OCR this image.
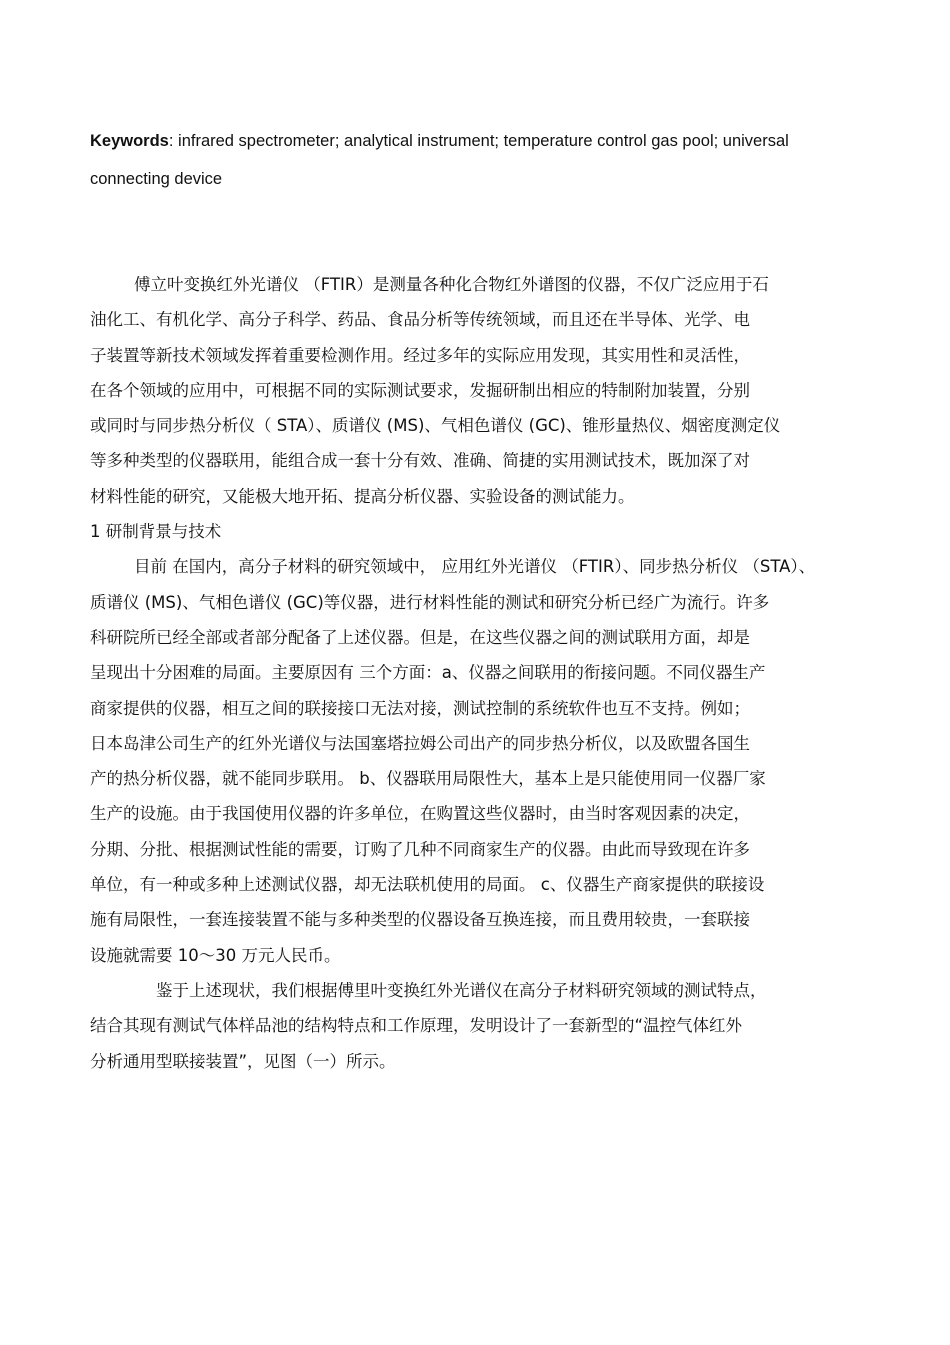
Keywords: infrared spectrometer; analytical instrument; temperature control gas pool; universal connecting device

傅立叶变换红外光谱仪 （FTIR）是测量各种化合物红外谱图的仪器，不仅广泛应用于石
油化工、有机化学、高分子科学、药品、食品分析等传统领域，而且还在半导体、光学、电
子装置等新技术领域发挥着重要检测作用。经过多年的实际应用发现，其实用性和灵活性，
在各个领域的应用中，可根据不同的实际测试要求，发掘研制出相应的特制附加装置，分别
或同时与同步热分析仪（ STA）、质谱仪 (MS)、气相色谱仪 (GC)、锥形量热仪、烟密度测定仪
等多种类型的仪器联用，能组合成一套十分有效、准确、简捷的实用测试技术，既加深了对
材料性能的研究，又能极大地开拓、提高分析仪器、实验设备的测试能力。
1 研制背景与技术
目前 在国内，高分子材料的研究领域中， 应用红外光谱仪 （FTIR）、同步热分析仪 （STA）、
质谱仪 (MS)、气相色谱仪 (GC)等仪器，进行材料性能的测试和研究分析已经广为流行。许多
科研院所已经全部或者部分配备了上述仪器。但是，在这些仪器之间的测试联用方面，却是
呈现出十分困难的局面。主要原因有 三个方面：a、仪器之间联用的衔接问题。不同仪器生产
商家提供的仪器，相互之间的联接接口无法对接，测试控制的系统软件也互不支持。例如；
日本岛津公司生产的红外光谱仪与法国塞塔拉姆公司出产的同步热分析仪，以及欧盟各国生
产的热分析仪器，就不能同步联用。 b、仪器联用局限性大，基本上是只能使用同一仪器厂家
生产的设施。由于我国使用仪器的许多单位，在购置这些仪器时，由当时客观因素的决定，
分期、分批、根据测试性能的需要，订购了几种不同商家生产的仪器。由此而导致现在许多
单位，有一种或多种上述测试仪器，却无法联机使用的局面。 c、仪器生产商家提供的联接设
施有局限性，一套连接装置不能与多种类型的仪器设备互换连接，而且费用较贵，一套联接
设施就需要 10～30 万元人民币。
鉴于上述现状，我们根据傅里叶变换红外光谱仪在高分子材料研究领域的测试特点，
结合其现有测试气体样品池的结构特点和工作原理，发明设计了一套新型的“温控气体红外
分析通用型联接装置”，见图（一）所示。
